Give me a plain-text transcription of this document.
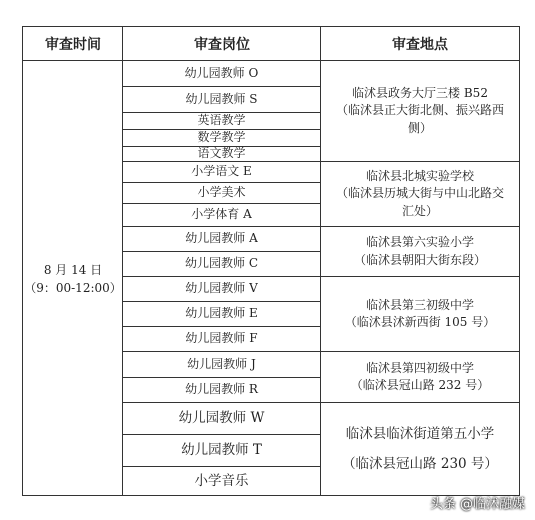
审查时间	审查岗位	审查地点
8 月 14 日
（9：00-12:00）
幼儿园教师 O
幼儿园教师 S
英语教学
数学教学
语文教学
小学语文 E
小学美术
小学体育 A
幼儿园教师 A
幼儿园教师 C
幼儿园教师 V
幼儿园教师 E
幼儿园教师 F
幼儿园教师 J
幼儿园教师 R
幼儿园教师 W
幼儿园教师 T
小学音乐
临沭县政务大厅三楼 B52
（临沭县正大街北侧、振兴路西
侧）
临沭县北城实验学校
（临沭县历城大街与中山北路交
汇处）
临沭县第六实验小学
（临沭县朝阳大街东段）
临沭县第三初级中学
（临沭县沭新西街 105 号）
临沭县第四初级中学
（临沭县冠山路 232 号）
临沭县临沭街道第五小学
（临沭县冠山路 230 号）
头条 @临沭融媒
